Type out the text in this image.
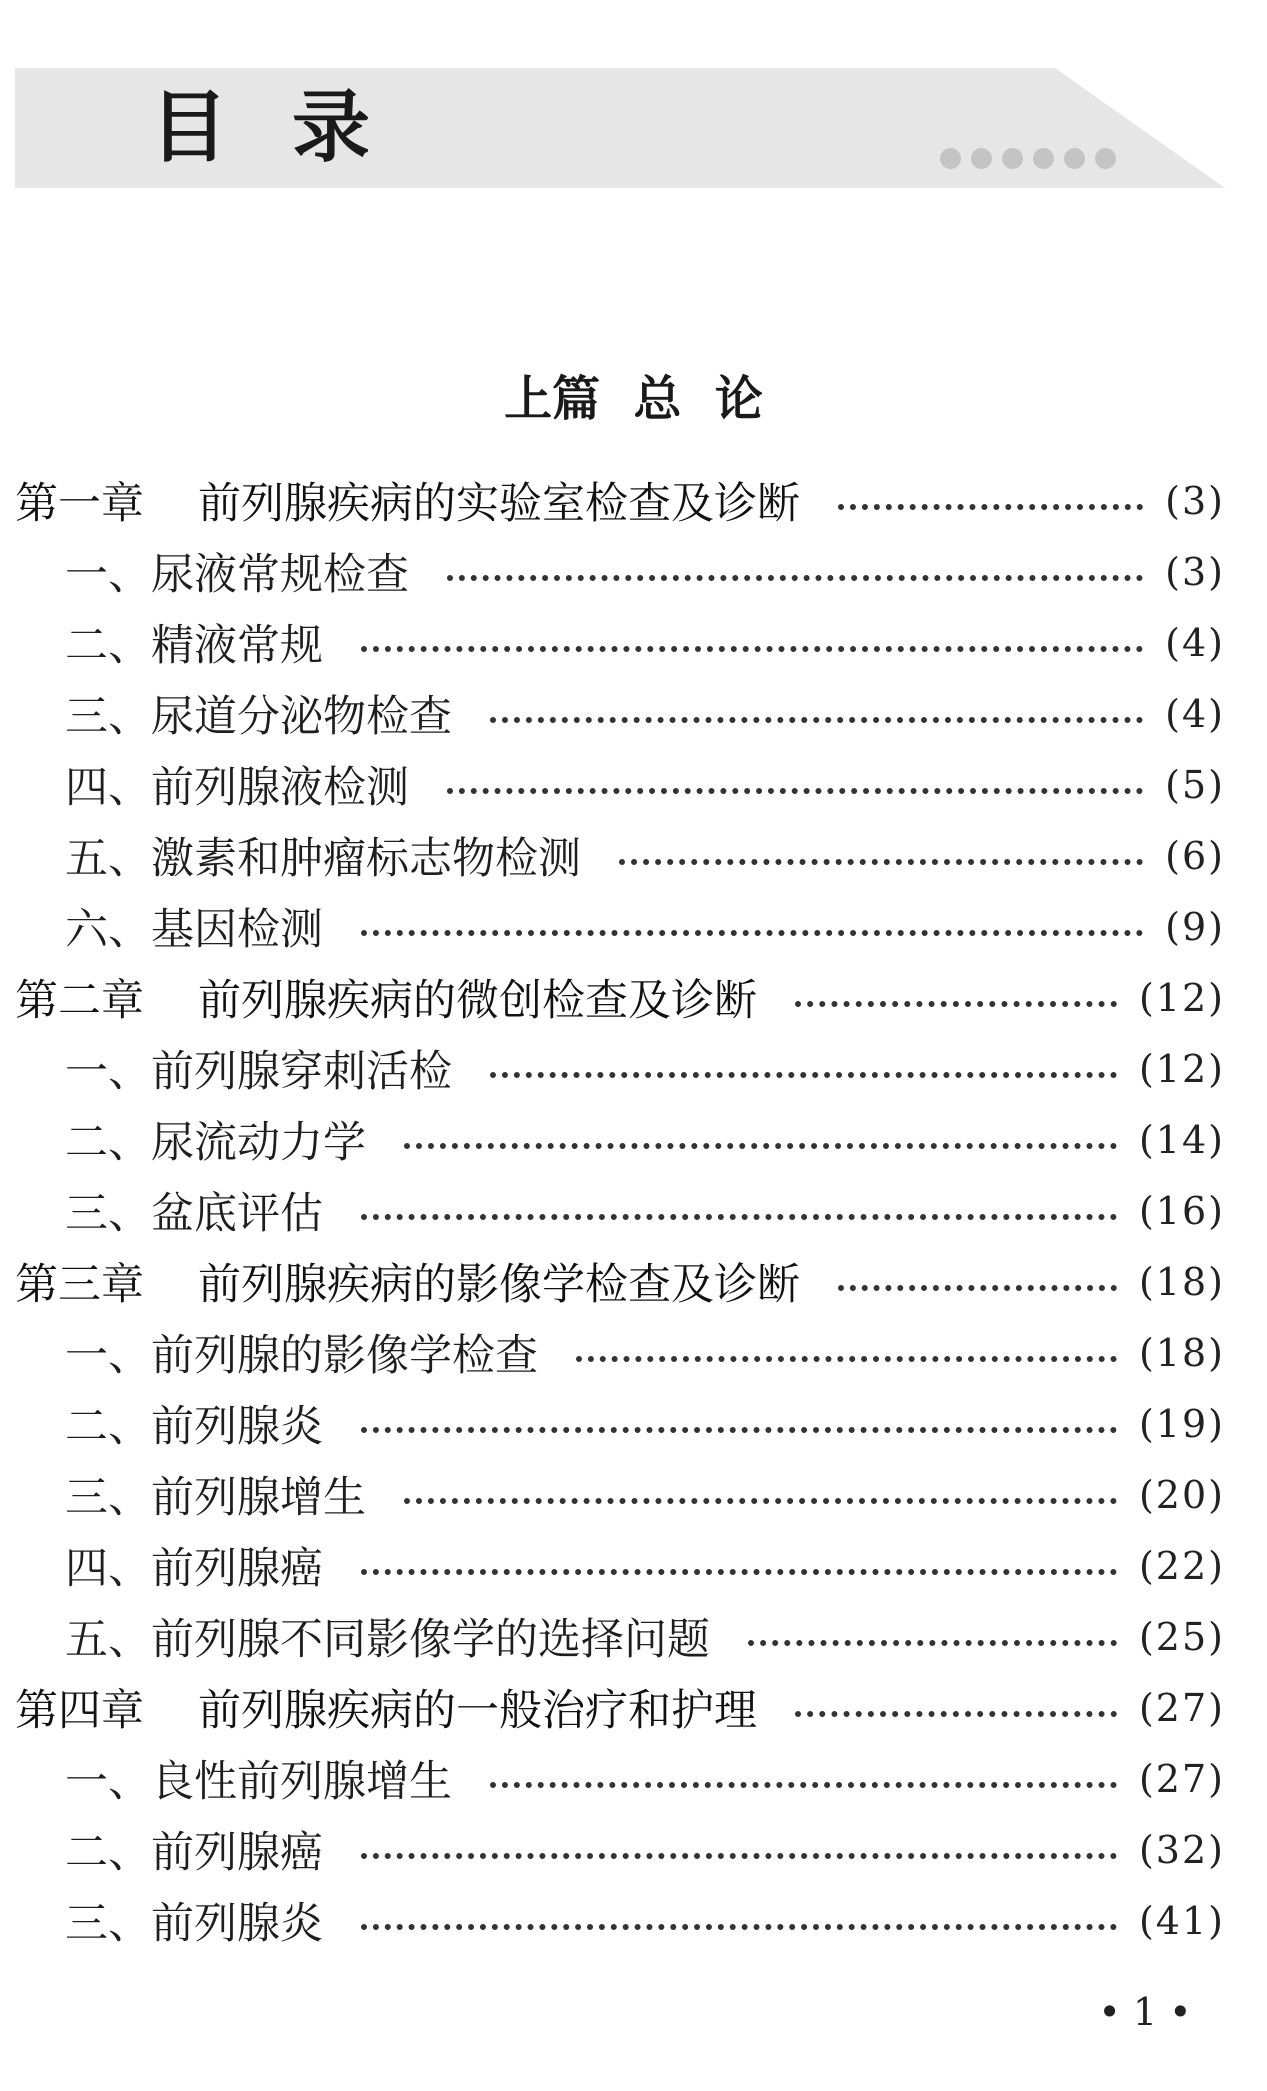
目录
上篇  总  论
第一章 前列腺疾病的实验室检查及诊断	(3)
一、尿液常规检查	(3)
二、精液常规	(4)
三、尿道分泌物检查	(4)
四、前列腺液检测	(5)
五、激素和肿瘤标志物检测	(6)
六、基因检测	(9)
第二章 前列腺疾病的微创检查及诊断	(12)
一、前列腺穿刺活检	(12)
二、尿流动力学	(14)
三、盆底评估	(16)
第三章 前列腺疾病的影像学检查及诊断	(18)
一、前列腺的影像学检查	(18)
二、前列腺炎	(19)
三、前列腺增生	(20)
四、前列腺癌	(22)
五、前列腺不同影像学的选择问题	(25)
第四章 前列腺疾病的一般治疗和护理	(27)
一、良性前列腺增生	(27)
二、前列腺癌	(32)
三、前列腺炎	(41)
• 1 •
